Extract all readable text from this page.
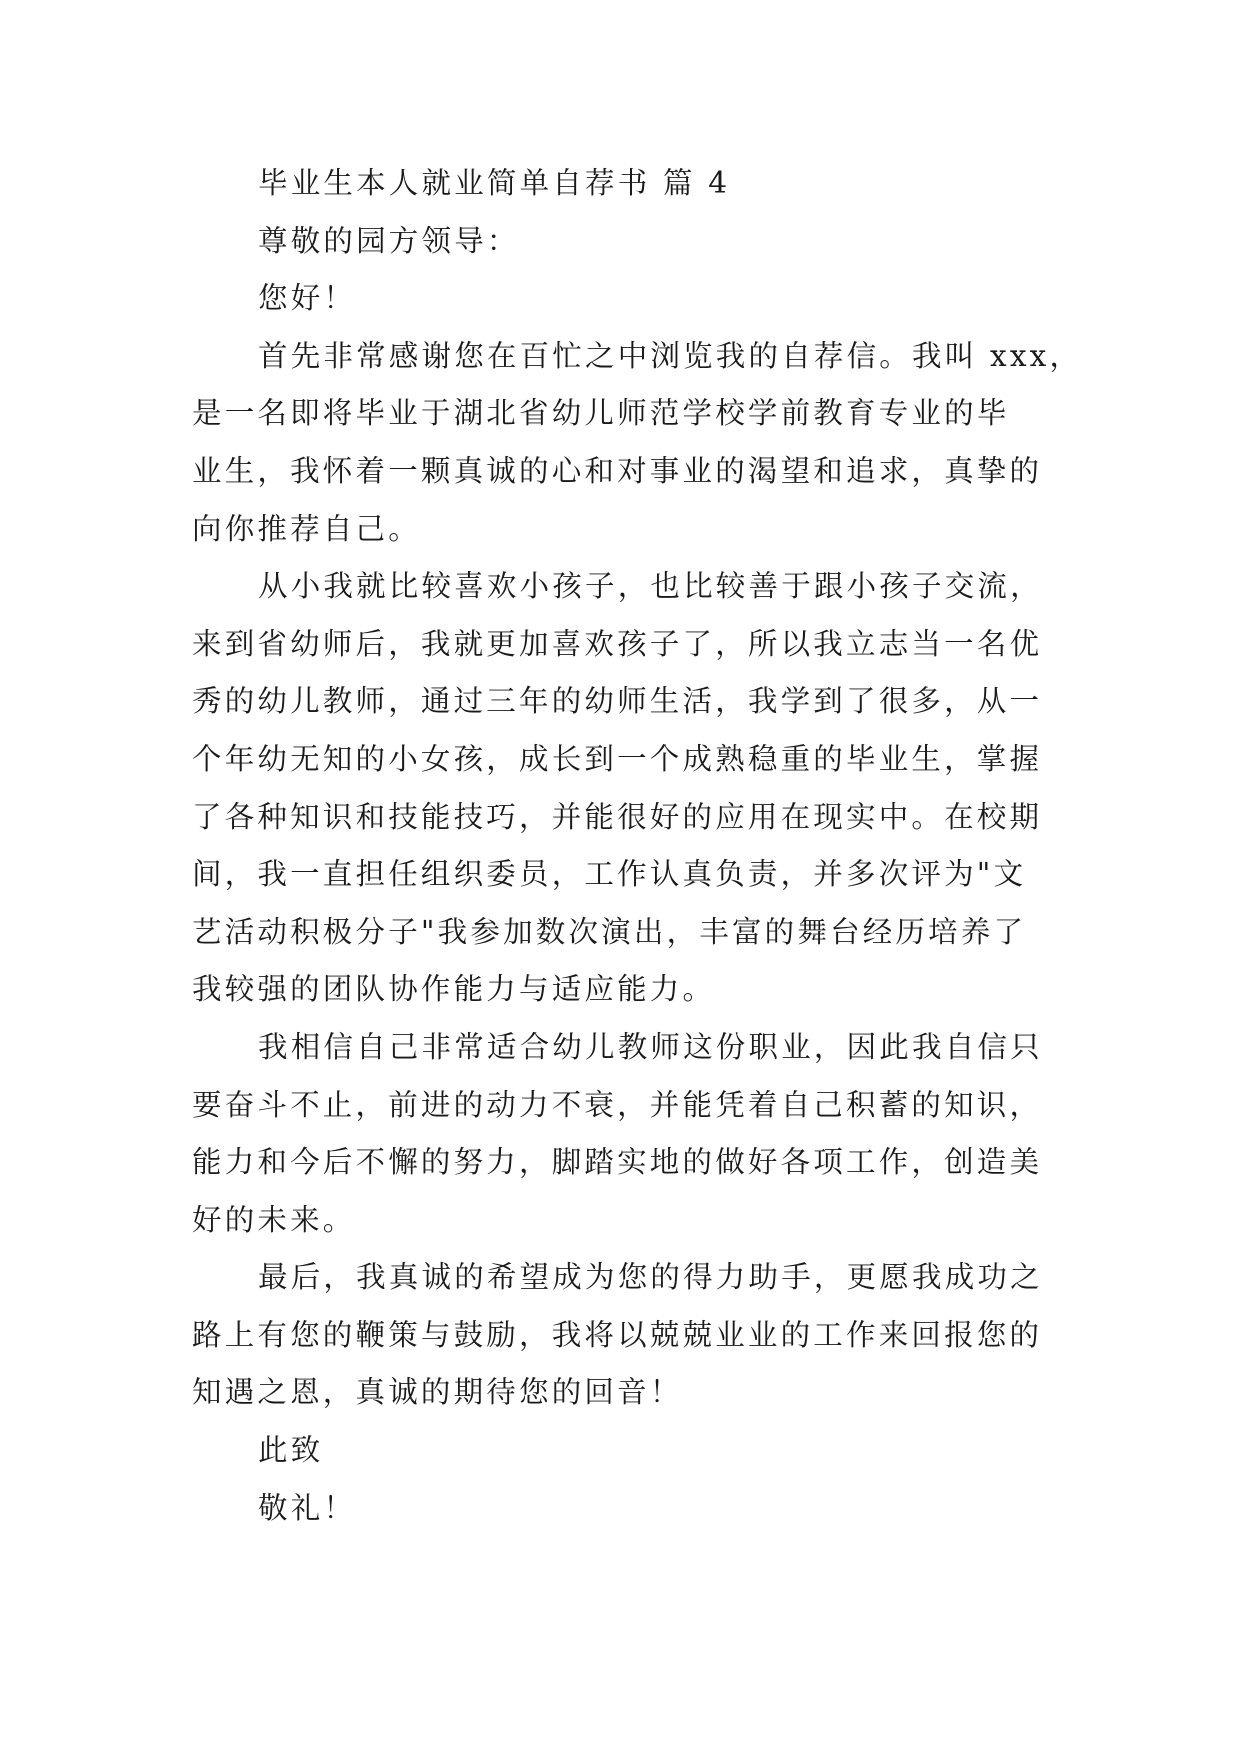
毕业生本人就业简单自荐书 篇 4
尊敬的园方领导：
您好！
首先非常感谢您在百忙之中浏览我的自荐信。我叫 xxx，
是一名即将毕业于湖北省幼儿师范学校学前教育专业的毕
业生，我怀着一颗真诚的心和对事业的渴望和追求，真挚的
向你推荐自己。
从小我就比较喜欢小孩子，也比较善于跟小孩子交流，
来到省幼师后，我就更加喜欢孩子了，所以我立志当一名优
秀的幼儿教师，通过三年的幼师生活，我学到了很多，从一
个年幼无知的小女孩，成长到一个成熟稳重的毕业生，掌握
了各种知识和技能技巧，并能很好的应用在现实中。在校期
间，我一直担任组织委员，工作认真负责，并多次评为"文
艺活动积极分子"我参加数次演出，丰富的舞台经历培养了
我较强的团队协作能力与适应能力。
我相信自己非常适合幼儿教师这份职业，因此我自信只
要奋斗不止，前进的动力不衰，并能凭着自己积蓄的知识，
能力和今后不懈的努力，脚踏实地的做好各项工作，创造美
好的未来。
最后，我真诚的希望成为您的得力助手，更愿我成功之
路上有您的鞭策与鼓励，我将以兢兢业业的工作来回报您的
知遇之恩，真诚的期待您的回音！
此致
敬礼！
